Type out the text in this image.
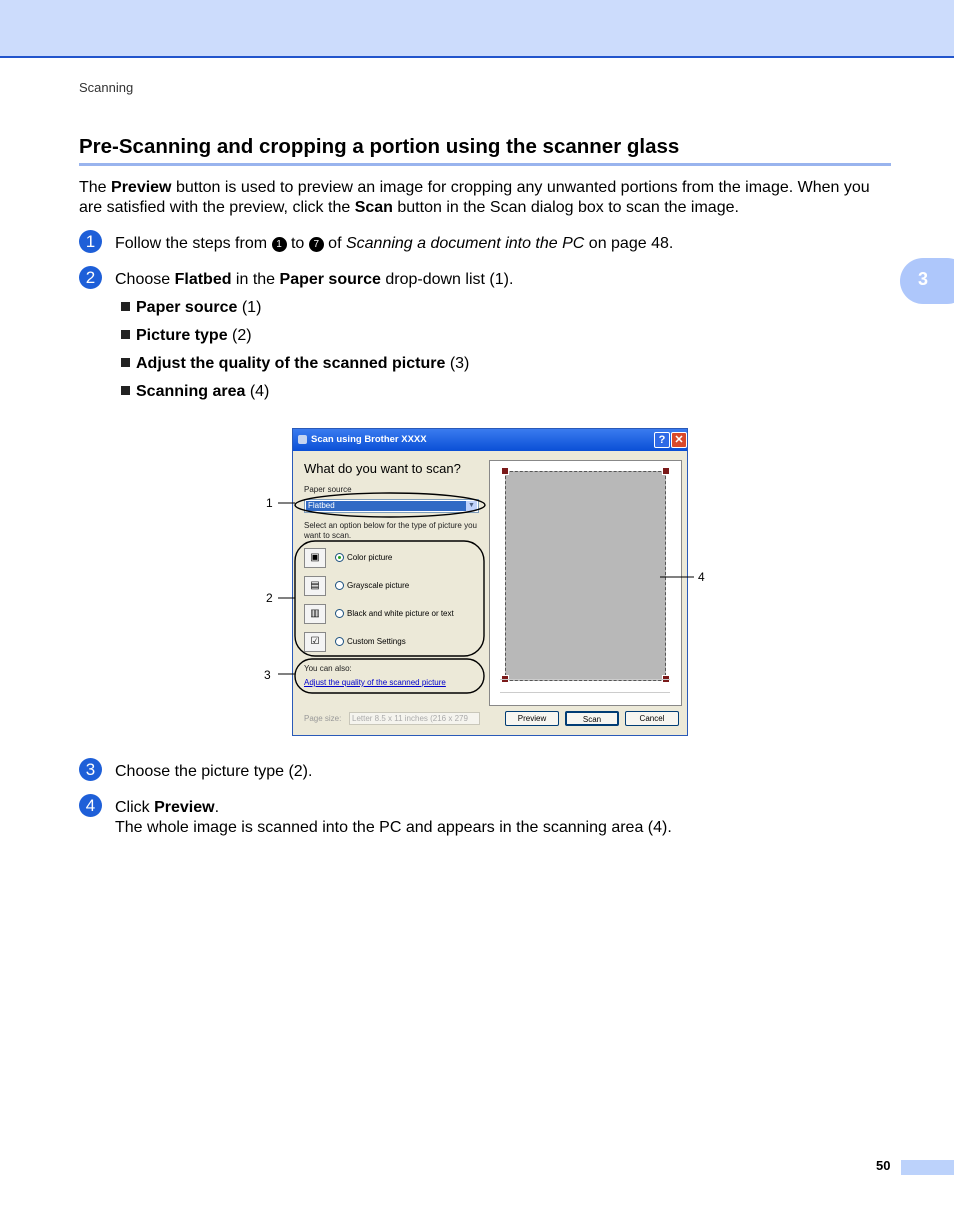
Scanning
Pre-Scanning and cropping a portion using the scanner glass

The Preview button is used to preview an image for cropping any unwanted portions from the image. When you are satisfied with the preview, click the Scan button in the Scan dialog box to scan the image.

1	Follow the steps from 1 to 7 of Scanning a document into the PC on page 48.
2	Choose Flatbed in the Paper source drop-down list (1).
Paper source (1)
Picture type (2)
Adjust the quality of the scanned picture (3)
Scanning area (4)
Scan using Brother XXXX	? ✕
What do you want to scan?
Paper source
Flatbed	▼
Select an option below for the type of picture you
want to scan.
▣	Color picture
▤	Grayscale picture
▥	Black and white picture or text
☑	Custom Settings
You can also:
Adjust the quality of the scanned picture
Page size:	Letter 8.5 x 11 inches (216 x 279	Preview	Scan	Cancel
1
2
3
4
3	Choose the picture type (2).
4	Click Preview.
The whole image is scanned into the PC and appears in the scanning area (4).
3
50
